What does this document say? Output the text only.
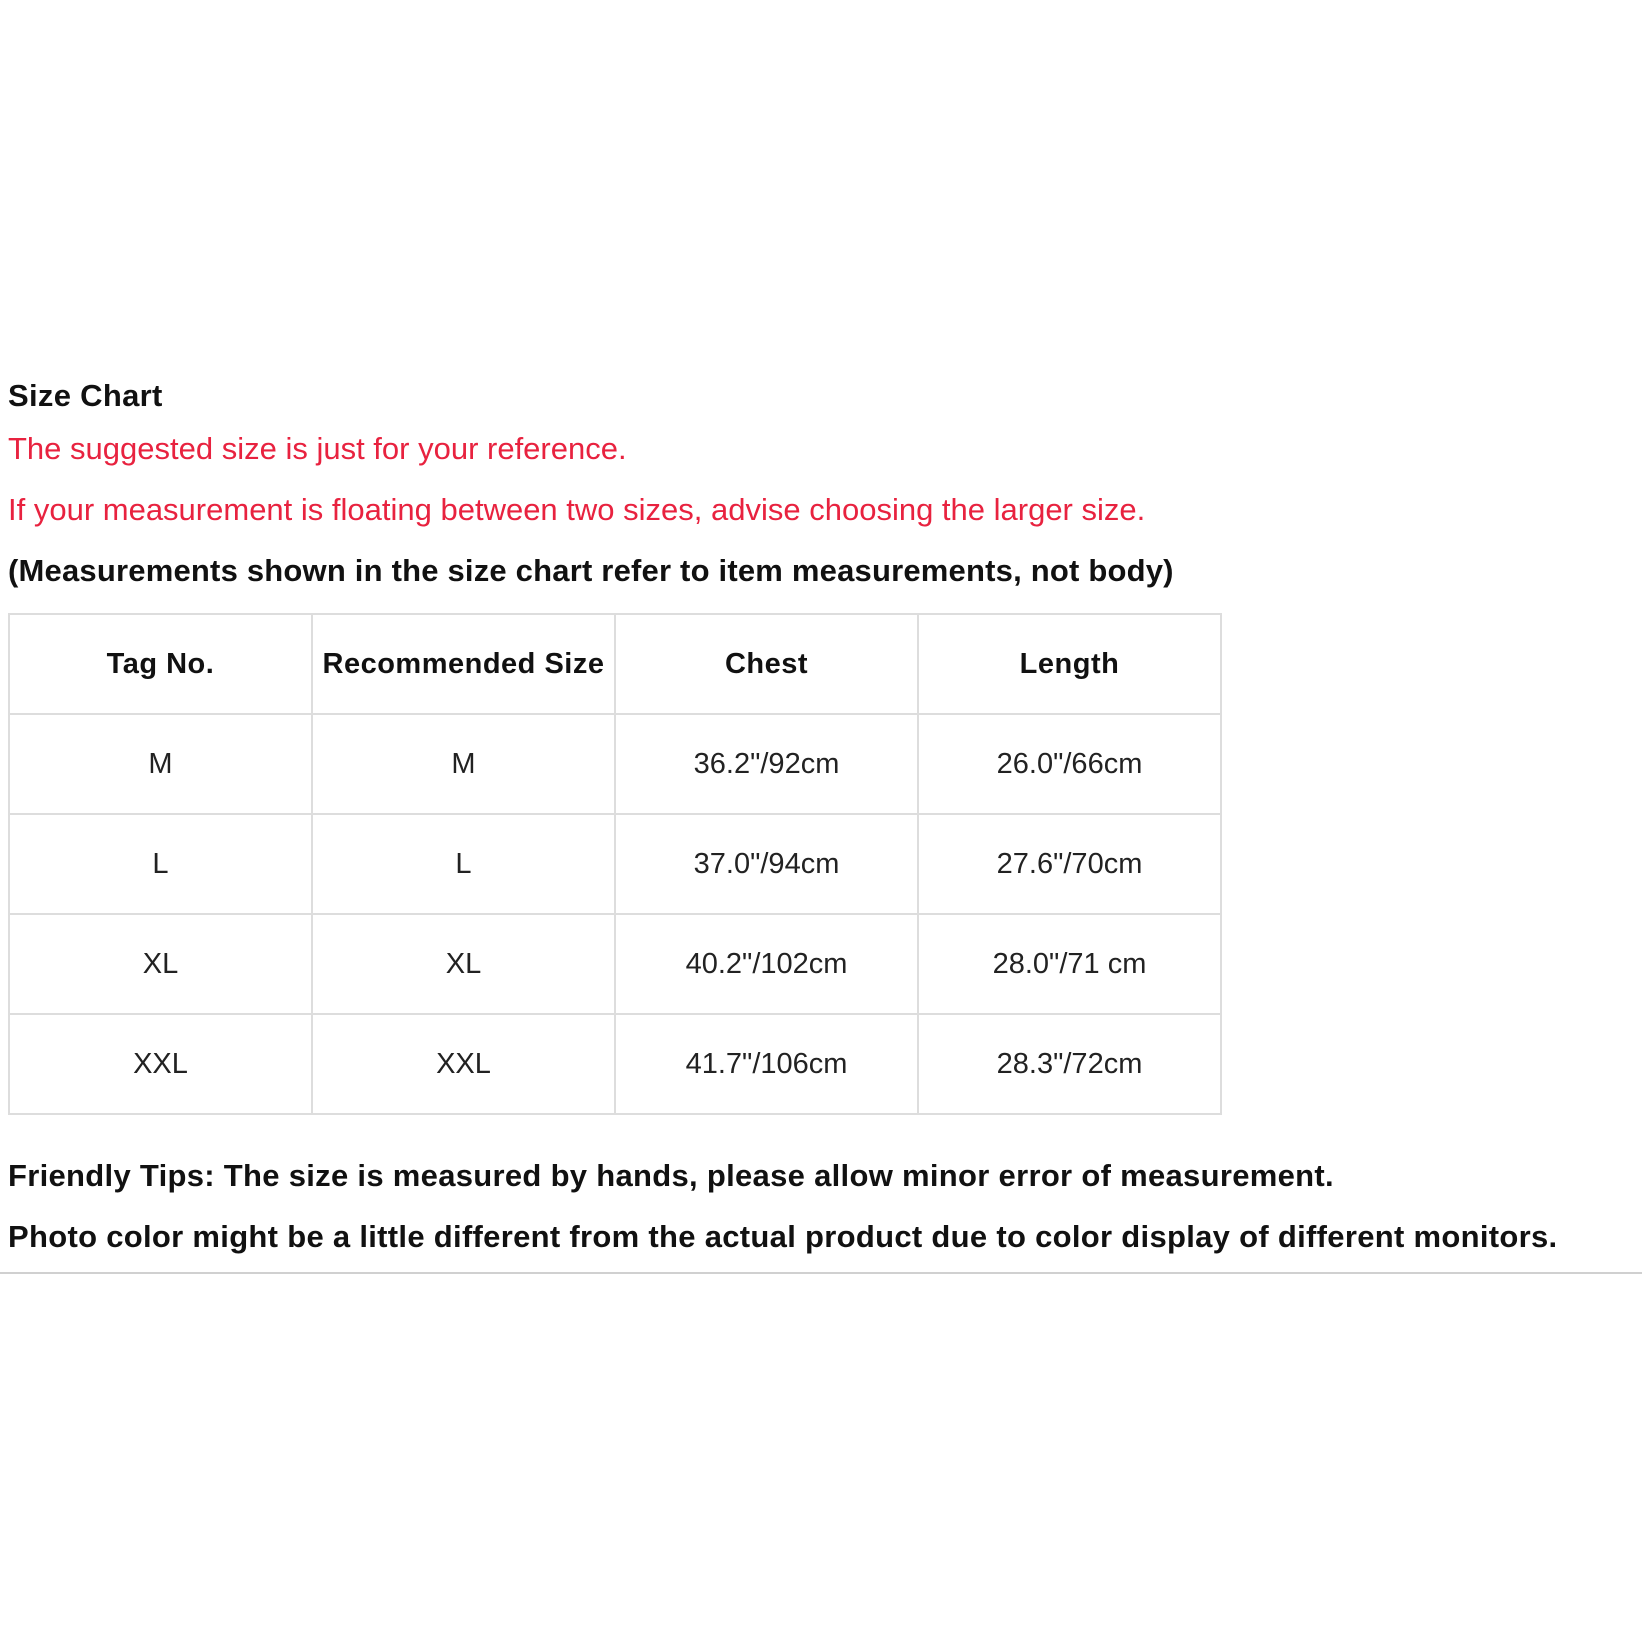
Size Chart

The suggested size is just for your reference.

If your measurement is floating between two sizes, advise choosing the larger size.

(Measurements shown in the size chart refer to item measurements, not body)

Tag No.	Recommended Size	Chest	Length
M	M	36.2"/92cm	26.0"/66cm
L	L	37.0"/94cm	27.6"/70cm
XL	XL	40.2"/102cm	28.0"/71 cm
XXL	XXL	41.7"/106cm	28.3"/72cm

Friendly Tips: The size is measured by hands, please allow minor error of measurement.

Photo color might be a little different from the actual product due to color display of different monitors.
